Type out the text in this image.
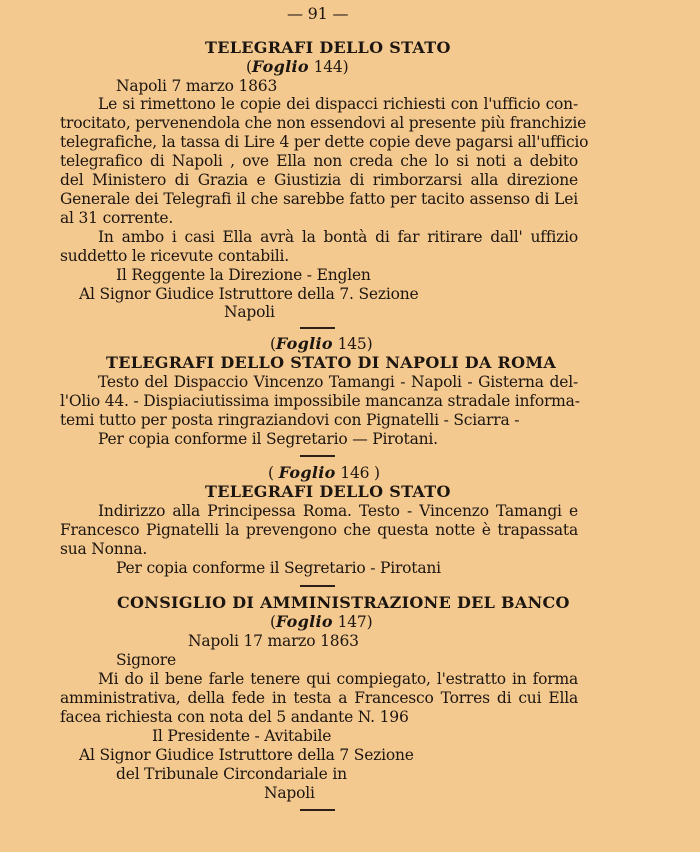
— 91 —
TELEGRAFI DELLO STATO
(Foglio 144)
Napoli 7 marzo 1863
Le si rimettono le copie dei dispacci richiesti con l'ufficio con-
trocitato, pervenendola che non essendovi al presente più franchizie
telegrafiche, la tassa di Lire 4 per dette copie deve pagarsi all'ufficio
telegrafico di Napoli , ove Ella non creda che lo si noti a debito
del Ministero di Grazia e Giustizia di rimborzarsi alla direzione
Generale dei Telegrafi il che sarebbe fatto per tacito assenso di Lei
al 31 corrente.
In ambo i casi Ella avrà la bontà di far ritirare dall' uffizio
suddetto le ricevute contabili.
Il Reggente la Direzione - Englen
Al Signor Giudice Istruttore della 7. Sezione
Napoli
(Foglio 145)
TELEGRAFI DELLO STATO DI NAPOLI DA ROMA
Testo del Dispaccio Vincenzo Tamangi - Napoli - Gisterna del-
l'Olio 44. - Dispiaciutissima impossibile mancanza stradale informa-
temi tutto per posta ringraziandovi con Pignatelli - Sciarra -
Per copia conforme il Segretario — Pirotani.
( Foglio 146 )
TELEGRAFI DELLO STATO
Indirizzo alla Principessa Roma. Testo - Vincenzo Tamangi e
Francesco Pignatelli la prevengono che questa notte è trapassata
sua Nonna.
Per copia conforme il Segretario - Pirotani
CONSIGLIO DI AMMINISTRAZIONE DEL BANCO
(Foglio 147)
Napoli 17 marzo 1863
Signore
Mi do il bene farle tenere qui compiegato, l'estratto in forma
amministrativa, della fede in testa a Francesco Torres di cui Ella
facea richiesta con nota del 5 andante N. 196
Il Presidente - Avitabile
Al Signor Giudice Istruttore della 7 Sezione
del Tribunale Circondariale in
Napoli
